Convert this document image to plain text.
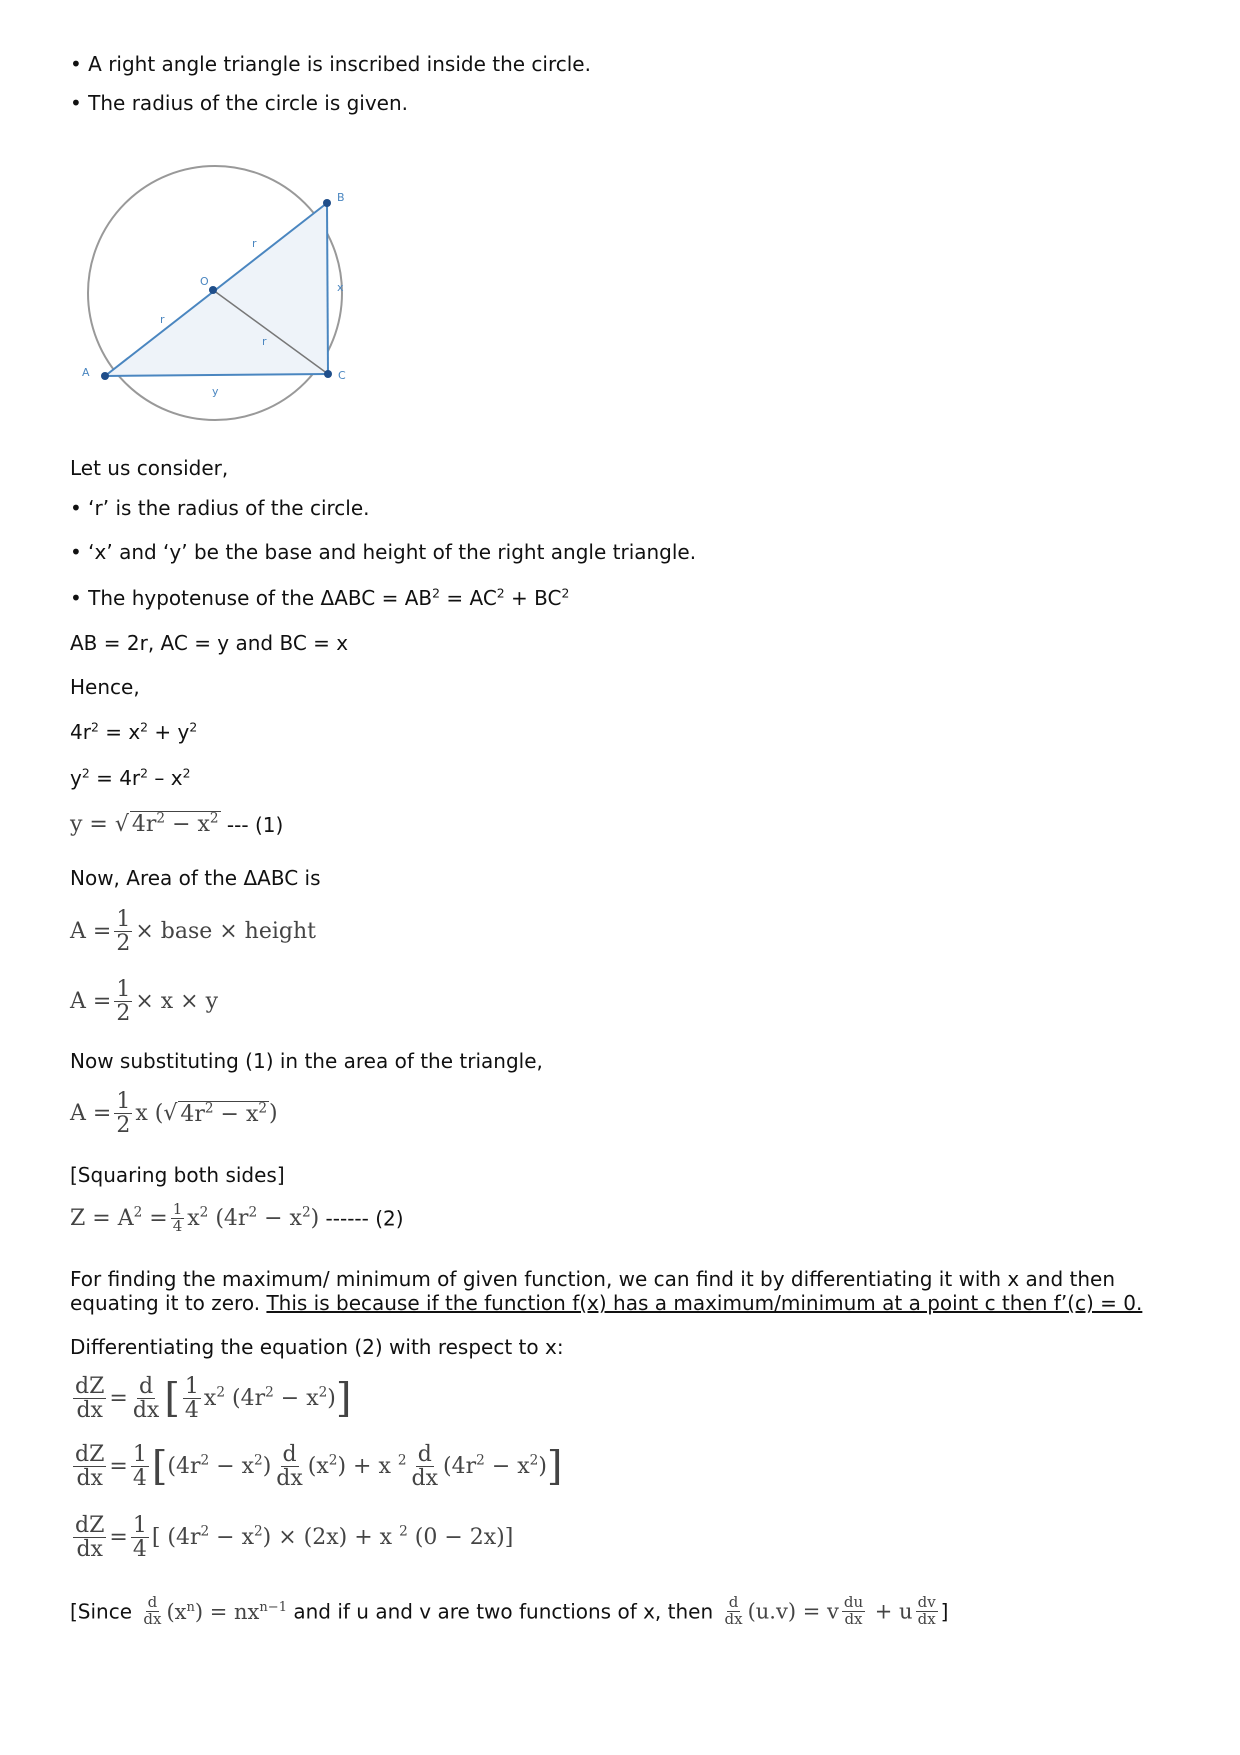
• A right angle triangle is inscribed inside the circle.
• The radius of the circle is given.
A
B
C
O
r
r
r
x
y
Let us consider,
• ‘r’ is the radius of the circle.
• ‘x’ and ‘y’ be the base and height of the right angle triangle.
• The hypotenuse of the $\Delta ABC = AB^2 = AC^2 + BC^2$
AB = 2r, AC = y and BC = x
Hence,
$4r^2 = x^2 + y^2$
$y^2 = 4r^2 - x^2$
y = √ $4r^2 - x^2$ --- (1)
Now, Area of the ΔABC is
$A = \frac{1}{2}$ × base × height
$A = \frac{1}{2} \times x \times y$
Now substituting (1) in the area of the triangle,
$A = \frac{1}{2}$ x (√ $4r^2 - x^2$)
[Squaring both sides]
$Z = A^2 = \frac{1}{4} x^2$ $(4r^2 - x^2)$ ------ (2)
For finding the maximum/ minimum of given function, we can find it by differentiating it with x and then
equating it to zero. This is because if the function f(x) has a maximum/minimum at a point c then f’(c) = 0.
Differentiating the equation (2) with respect to x:
$\frac{dZ}{dx} = \frac{d}{dx}$ [ $\frac{1}{4} x^2$ $(4r^2 - x^2)$]
$\frac{dZ}{dx} = \frac{1}{4} [(4r^2 - x^2) \frac{d}{dx} (x^2) + x$ $^2 \frac{d}{dx} (4r^2 - x^2)$]
$\frac{dZ}{dx} = \frac{1}{4}$ [ $(4r^2 - x^2) \times (2x) + x$ $^2$ (0 − 2x)]
[Since $\frac{d}{dx} (x^n) = nx^{n-1}$ and if u and v are two functions of x, then $\frac{d}{dx} (u.v) = v \frac{du}{dx} + u \frac{dv}{dx}$ ]
